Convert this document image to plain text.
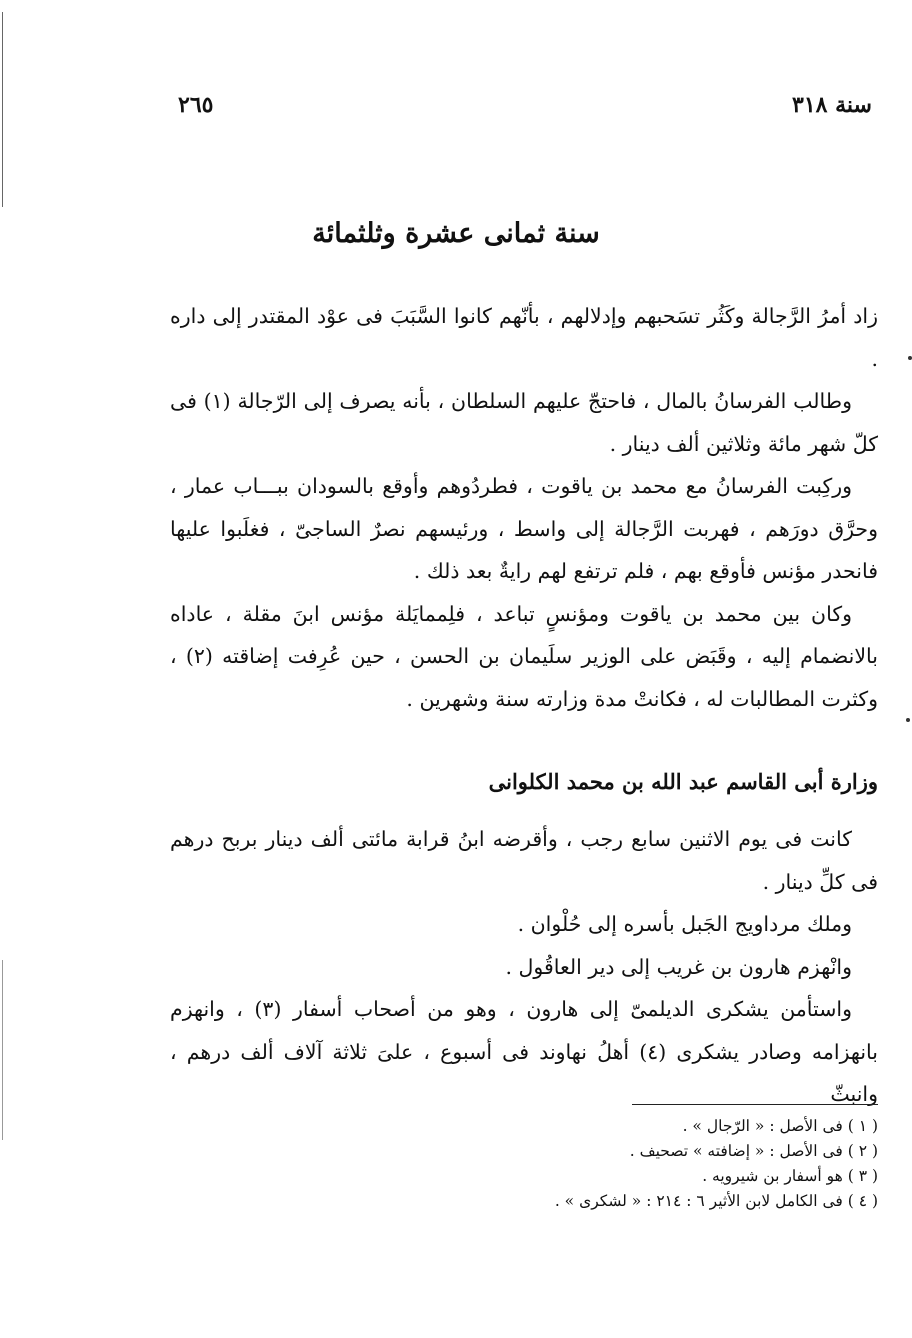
سنة ٣١٨
٢٦٥
سنة ثمانى عشرة وثلثمائة

زاد أمرُ الرَّجالة وكَثُر تسَحبهم وإدلالهم ، بأنّهم كانوا السَّبَبَ فى عوْد المقتدر إلى داره .

وطالب الفرسانُ بالمال ، فاحتجّ عليهم السلطان ، بأنه يصرف إلى الرّجالة (١) فى كلّ شهر مائة وثلاثين ألف دينار .

وركِبت الفرسانُ مع محمد بن ياقوت ، فطردُوهم وأوقع بالسودان ببـــاب عمار ، وحرَّق دورَهم ، فهربت الرَّجالة إلى واسط ، ورئيسهم نصرٌ الساجىّ ، فغلَبوا عليها فانحدر مؤنس فأوقع بهم ، فلم ترتفع لهم رايةٌ بعد ذلك .

وكان بين محمد بن ياقوت ومؤنسٍ تباعد ، فلِممايَلة مؤنس ابنَ مقلة ، عاداه بالانضمام إليه ، وقَبَض على الوزير سلَيمان بن الحسن ، حين عُرِفت إضاقته (٢) ، وكثرت المطالبات له ، فكانتْ مدة وزارته سنة وشهرين .

وزارة أبى القاسم عبد الله بن محمد الكلوانى

كانت فى يوم الاثنين سابع رجب ، وأقرضه ابنُ قرابة مائتى ألف دينار بربح درهم فى كلِّ دينار .

وملك مرداويج الجَبل بأسره إلى حُلْوان .

وانْهزم هارون بن غريب إلى دير العاقُول .

واستأمن يشكرى الديلمىّ إلى هارون ، وهو من أصحاب أسفار (٣) ، وانهزم بانهزامه وصادر يشكرى (٤) أهلُ نهاوند فى أسبوع ، علىَ ثلاثة آلاف ألف درهم ، وانبثّ

( ١ ) فى الأصل : « الرّجال » .
( ٢ ) فى الأصل : « إضافته » تصحيف .
( ٣ ) هو أسفار بن شيرويه .
( ٤ ) فى الكامل لابن الأثير ٦ : ٢١٤ : « لشكرى » .
